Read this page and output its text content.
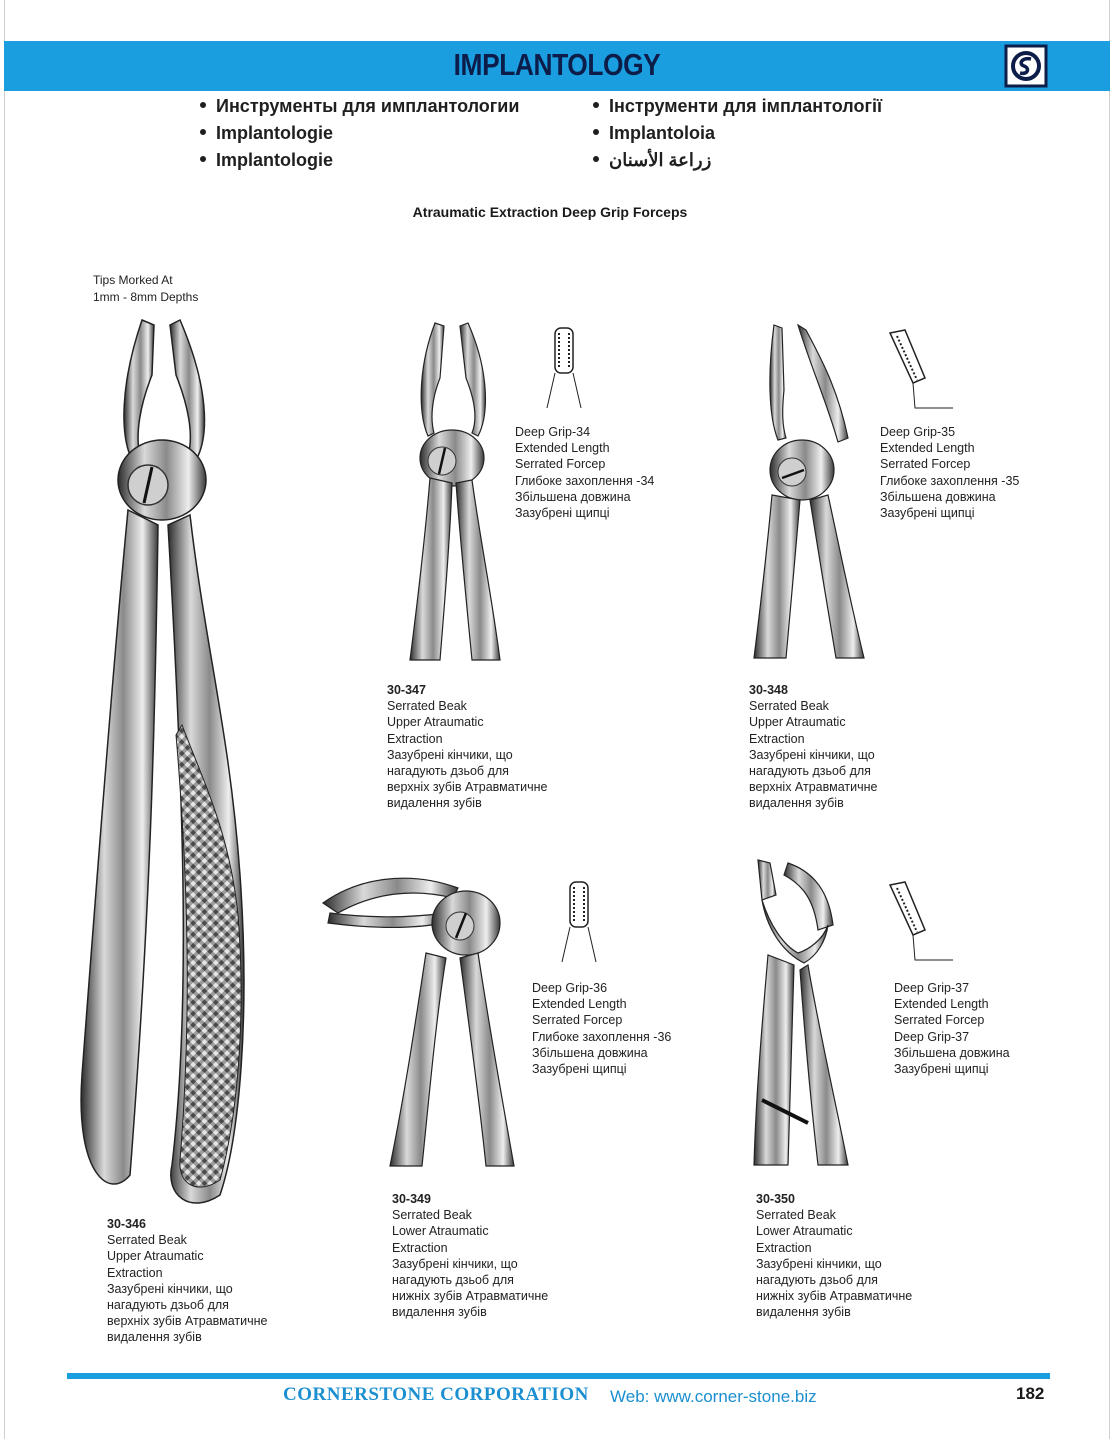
IMPLANTOLOGY
Инструменты для имплантологии
Implantologie
Implantologie
Інструменти для імплантології
Implantoloia
زراعة الأسنان
Atraumatic Extraction Deep Grip Forceps
Tips Morked At
1mm - 8mm Depths
Deep Grip-34
Extended Length
Serrated Forcep
Глибоке захоплення -34
Збільшена довжина
Зазубрені щипці
Deep Grip-35
Extended Length
Serrated Forcep
Глибоке захоплення -35
Збільшена довжина
Зазубрені щипці
Deep Grip-36
Extended Length
Serrated Forcep
Глибоке захоплення -36
Збільшена довжина
Зазубрені щипці
Deep Grip-37
Extended Length
Serrated Forcep
Deep Grip-37
Збільшена довжина
Зазубрені щипці
30-346
Serrated Beak
Upper Atraumatic
Extraction
Зазубрені кінчики, що
нагадують дзьоб для
верхніх зубів Атравматичне
видалення зубів
30-347
Serrated Beak
Upper Atraumatic
Extraction
Зазубрені кінчики, що
нагадують дзьоб для
верхніх зубів Атравматичне
видалення зубів
30-348
Serrated Beak
Upper Atraumatic
Extraction
Зазубрені кінчики, що
нагадують дзьоб для
верхніх Атравматичне
видалення зубів
30-349
Serrated Beak
Lower Atraumatic
Extraction
Зазубрені кінчики, що
нагадують дзьоб для
нижніх зубів Атравматичне
видалення зубів
30-350
Serrated Beak
Lower Atraumatic
Extraction
Зазубрені кінчики, що
нагадують дзьоб для
нижніх зубів Атравматичне
видалення зубів
CORNERSTONE CORPORATION Web: www.corner-stone.biz	182
